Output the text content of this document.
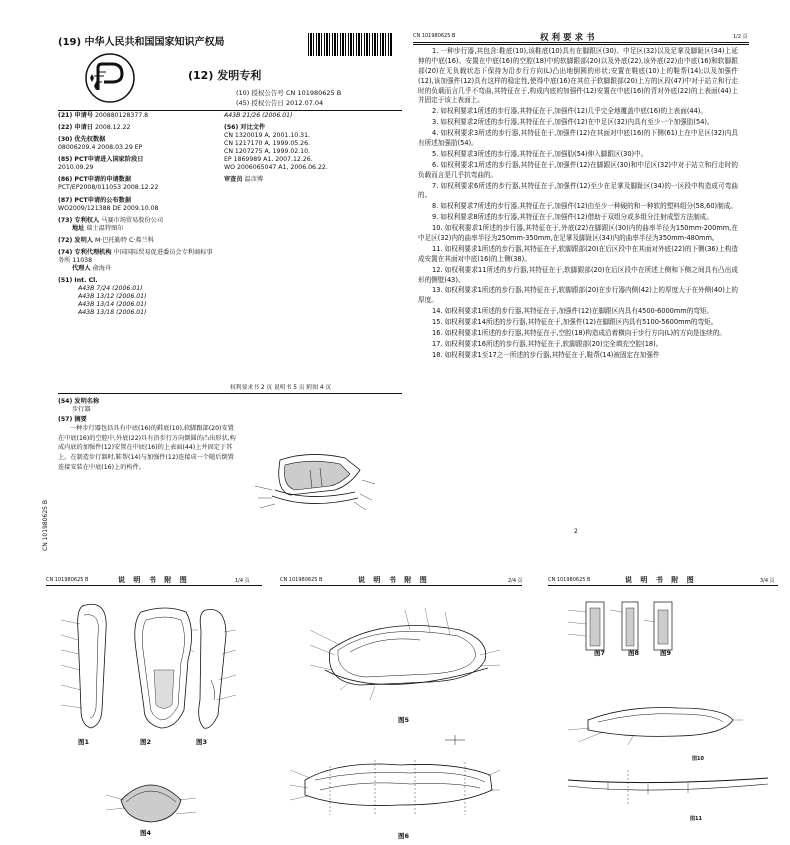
(19) 中华人民共和国国家知识产权局
(12) 发明专利
(10) 授权公告号 CN 101980625 B
(45) 授权公告日 2012.07.04
(21) 申请号 200880128377.8
(22) 申请日 2008.12.22
(30) 优先权数据
08006209.4 2008.03.29 EP
(85) PCT申请进入国家阶段日
2010.09.29
(86) PCT申请的申请数据
PCT/EP2008/011053 2008.12.22
(87) PCT申请的公布数据
WO2009/121388 DE 2009.10.08
(73) 专利权人 马赛市场贸易股份公司
地址 瑞士温特图尔
(72) 发明人 M·巴托勒特 C·弗兰科
(74) 专利代理机构 中国国际贸易促进委员会专利商标事务所 11038
代理人 俞海舟
(51) Int. Cl.
A43B 7/24 (2006.01)
A43B 13/12 (2006.01)
A43B 13/14 (2006.01)
A43B 13/18 (2006.01)
A43B 21/26 (2006.01)
(56) 对比文件
CN 1320019 A, 2001.10.31.
CN 1217170 A, 1999.05.26.
CN 1207275 A, 1999.02.10.
EP 1869989 A1, 2007.12.26.
WO 2006065047 A1, 2006.06.22.
审查员 温彦博
权利要求书 2 页 说明书 5 页 附图 4 页
(54) 发明名称
步行器
(57) 摘要
一种步行器包括具有中底(16)的鞋底(10),软脚跟部(20)安置在中底(16)的空腔中,外底(22)具有沿步行方向倒圆的凸出形状,构成内底的加强件(12)安置在中底(16)的上表面(44)上并固定于其上。在制造步行器时,鞋帮(14)与加强件(12)连接成一个随后倒置连接安装在中底(16)上的构件。
CN 101980625 B
CN 101980625 B	权利要求书	1/2 页

1. 一种步行器,其包含:鞋底(10),该鞋底(10)具有在脚跟区(30)、中足区(32)以及足掌及脚趾区(34)上延伸的中底(16)、安置在中底(16)的空腔(18)中的软脚跟部(20)以及外底(22),该外底(22)由中底(16)和软脚跟部(20)在无负载状态下保持为沿步行方向(L)凸出地倒圆的形状;安置在鞋底(10)上的鞋帮(14);以及加强件(12),该加强件(12)具有这样的稳定性,使得中底(16)在其位于软脚跟部(20)上方的区段(47)中对于站立和行走时的负载而言几乎不弯曲,其特征在于,构成内底的加强件(12)安置在中底(16)的背对外底(22)的上表面(44)上并固定于该上表面上。

2. 如权利要求1所述的步行器,其特征在于,加强件(12)几乎完全地覆盖中底(16)的上表面(44)。

3. 如权利要求2所述的步行器,其特征在于,加强件(12)在中足区(32)内具有至少一个加强肋(54)。

4. 如权利要求3所述的步行器,其特征在于,加强件(12)在其面对中底(16)的下侧(61)上在中足区(32)内具有所述加强肋(54)。

5. 如权利要求3所述的步行器,其特征在于,加强肋(54)伸入脚跟区(30)中。

6. 如权利要求1所述的步行器,其特征在于,加强件(12)在脚跟区(30)和中足区(32)中对于站立和行走时的负载而言是几乎抗弯曲的。

7. 如权利要求6所述的步行器,其特征在于,加强件(12)至少在足掌及脚趾区(34)的一区段中构造成可弯曲的。

8. 如权利要求7所述的步行器,其特征在于,加强件(12)由至少一种硬的和一种软的塑料组分(58,60)制成。

9. 如权利要求8所述的步行器,其特征在于,加强件(12)借助于双组分或多组分注射成型方法制成。

10. 如权利要求1所述的步行器,其特征在于,外底(22)在脚跟区(30)内的曲率半径为150mm-200mm,在中足区(32)内的曲率半径为250mm-350mm,在足掌及脚趾区(34)内的曲率半径为350mm-480mm。

11. 如权利要求1所述的步行器,其特征在于,软脚跟部(20)在后区段中在其面对外底(22)的下侧(36)上构造成安置在其面对中底(16)的上侧(38)。

12. 如权利要求11所述的步行器,其特征在于,软脚跟部(20)在后区段中在所述上侧和下侧之间具有凸出成形的侧壁(43)。

13. 如权利要求1所述的步行器,其特征在于,软脚跟部(20)在步行器内侧(42)上的厚度大于在外侧(40)上的厚度。

14. 如权利要求1所述的步行器,其特征在于,加强件(12)在脚跟区内具有4500-6000mm的弯矩。

15. 如权利要求14所述的步行器,其特征在于,加强件(12)在脚跟区内具有5100-5600mm的弯矩。

16. 如权利要求1所述的步行器,其特征在于,空腔(18)构造成沿着横向于步行方向(L)的方向是连续的。

17. 如权利要求16所述的步行器,其特征在于,软脚跟部(20)完全填充空腔(18)。

18. 如权利要求1至17之一所述的步行器,其特征在于,鞋帮(14)被固定在加强件

2
CN 101980625 B	说 明 书 附 图	1/4 页
图1	图2	图3
图4
CN 101980625 B	说 明 书 附 图	2/4 页
图5
图6
CN 101980625 B	说 明 书 附 图	3/4 页
图7	图8	图9
图10
图11
